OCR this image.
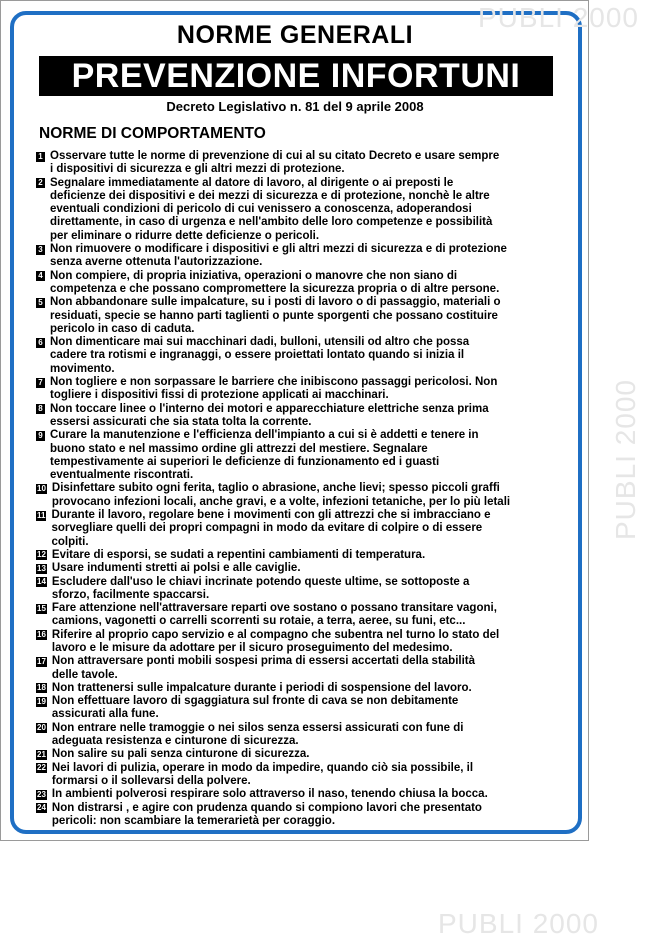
NORME GENERALI
PREVENZIONE INFORTUNI
Decreto Legislativo n. 81 del 9 aprile 2008
NORME DI COMPORTAMENTO
1 Osservare tutte le norme di prevenzione di cui al su citato Decreto e usare sempre
i dispositivi di sicurezza e gli altri mezzi di protezione.
2 Segnalare immediatamente al datore di lavoro, al dirigente o ai preposti le
deficienze dei dispositivi e dei mezzi di sicurezza e di protezione, nonchè le altre
eventuali condizioni di pericolo di cui venissero a conoscenza, adoperandosi
direttamente, in caso di urgenza e nell'ambito delle loro competenze e possibilità
per eliminare o ridurre dette deficienze o pericoli.
3 Non rimuovere o modificare i dispositivi e gli altri mezzi di sicurezza e di protezione
senza averne ottenuta l'autorizzazione.
4 Non compiere, di propria iniziativa, operazioni o manovre che non siano di
competenza e che possano compromettere la sicurezza propria o di altre persone.
5 Non abbandonare sulle impalcature, su i posti di lavoro o di passaggio, materiali o
residuati, specie se hanno parti taglienti o punte sporgenti che possano costituire
pericolo in caso di caduta.
6 Non dimenticare mai sui macchinari dadi, bulloni, utensili od altro che possa
cadere tra rotismi e ingranaggi, o essere proiettati lontato quando si inizia il
movimento.
7 Non togliere e non sorpassare le barriere che inibiscono passaggi pericolosi. Non
togliere i dispositivi fissi di protezione applicati ai macchinari.
8 Non toccare linee o l'interno dei motori e apparecchiature elettriche senza prima
essersi assicurati che sia stata tolta la corrente.
9 Curare la manutenzione e l'efficienza dell'impianto a cui si è addetti e tenere in
buono stato e nel massimo ordine gli attrezzi del mestiere. Segnalare
tempestivamente ai superiori le deficienze di funzionamento ed i guasti
eventualmente riscontrati.
10 Disinfettare subito ogni ferita, taglio o abrasione, anche lievi; spesso piccoli graffi
provocano infezioni locali, anche gravi, e a volte, infezioni tetaniche, per lo più letali
11 Durante il lavoro, regolare bene i movimenti con gli attrezzi che si imbracciano e
sorvegliare quelli dei propri compagni in modo da evitare di colpire o di essere
colpiti.
12 Evitare di esporsi, se sudati a repentini cambiamenti di temperatura.
13 Usare indumenti stretti ai polsi e alle caviglie.
14 Escludere dall'uso le chiavi incrinate potendo queste ultime, se sottoposte a
sforzo, facilmente spaccarsi.
15 Fare attenzione nell'attraversare reparti ove sostano o possano transitare vagoni,
camions, vagonetti o carrelli scorrenti su rotaie, a terra, aeree, su funi, etc...
16 Riferire al proprio capo servizio e al compagno che subentra nel turno lo stato del
lavoro e le misure da adottare per il sicuro proseguimento del medesimo.
17 Non attraversare ponti mobili sospesi prima di essersi accertati della stabilità
delle tavole.
18 Non trattenersi sulle impalcature durante i periodi di sospensione del lavoro.
19 Non effettuare lavoro di sgaggiatura sul fronte di cava se non debitamente
assicurati alla fune.
20 Non entrare nelle tramoggie o nei silos senza essersi assicurati con fune di
adeguata resistenza e cinturone di sicurezza.
21 Non salire su pali senza cinturone di sicurezza.
22 Nei lavori di pulizia, operare in modo da impedire, quando ciò sia possibile, il
formarsi o il sollevarsi della polvere.
23 In ambienti polverosi respirare solo attraverso il naso, tenendo chiusa la bocca.
24 Non distrarsi , e agire con prudenza quando si compiono lavori che presentato
pericoli: non scambiare la temerarietà per coraggio.
PUBLI 2000
PUBLI 2000
PUBLI 2000
